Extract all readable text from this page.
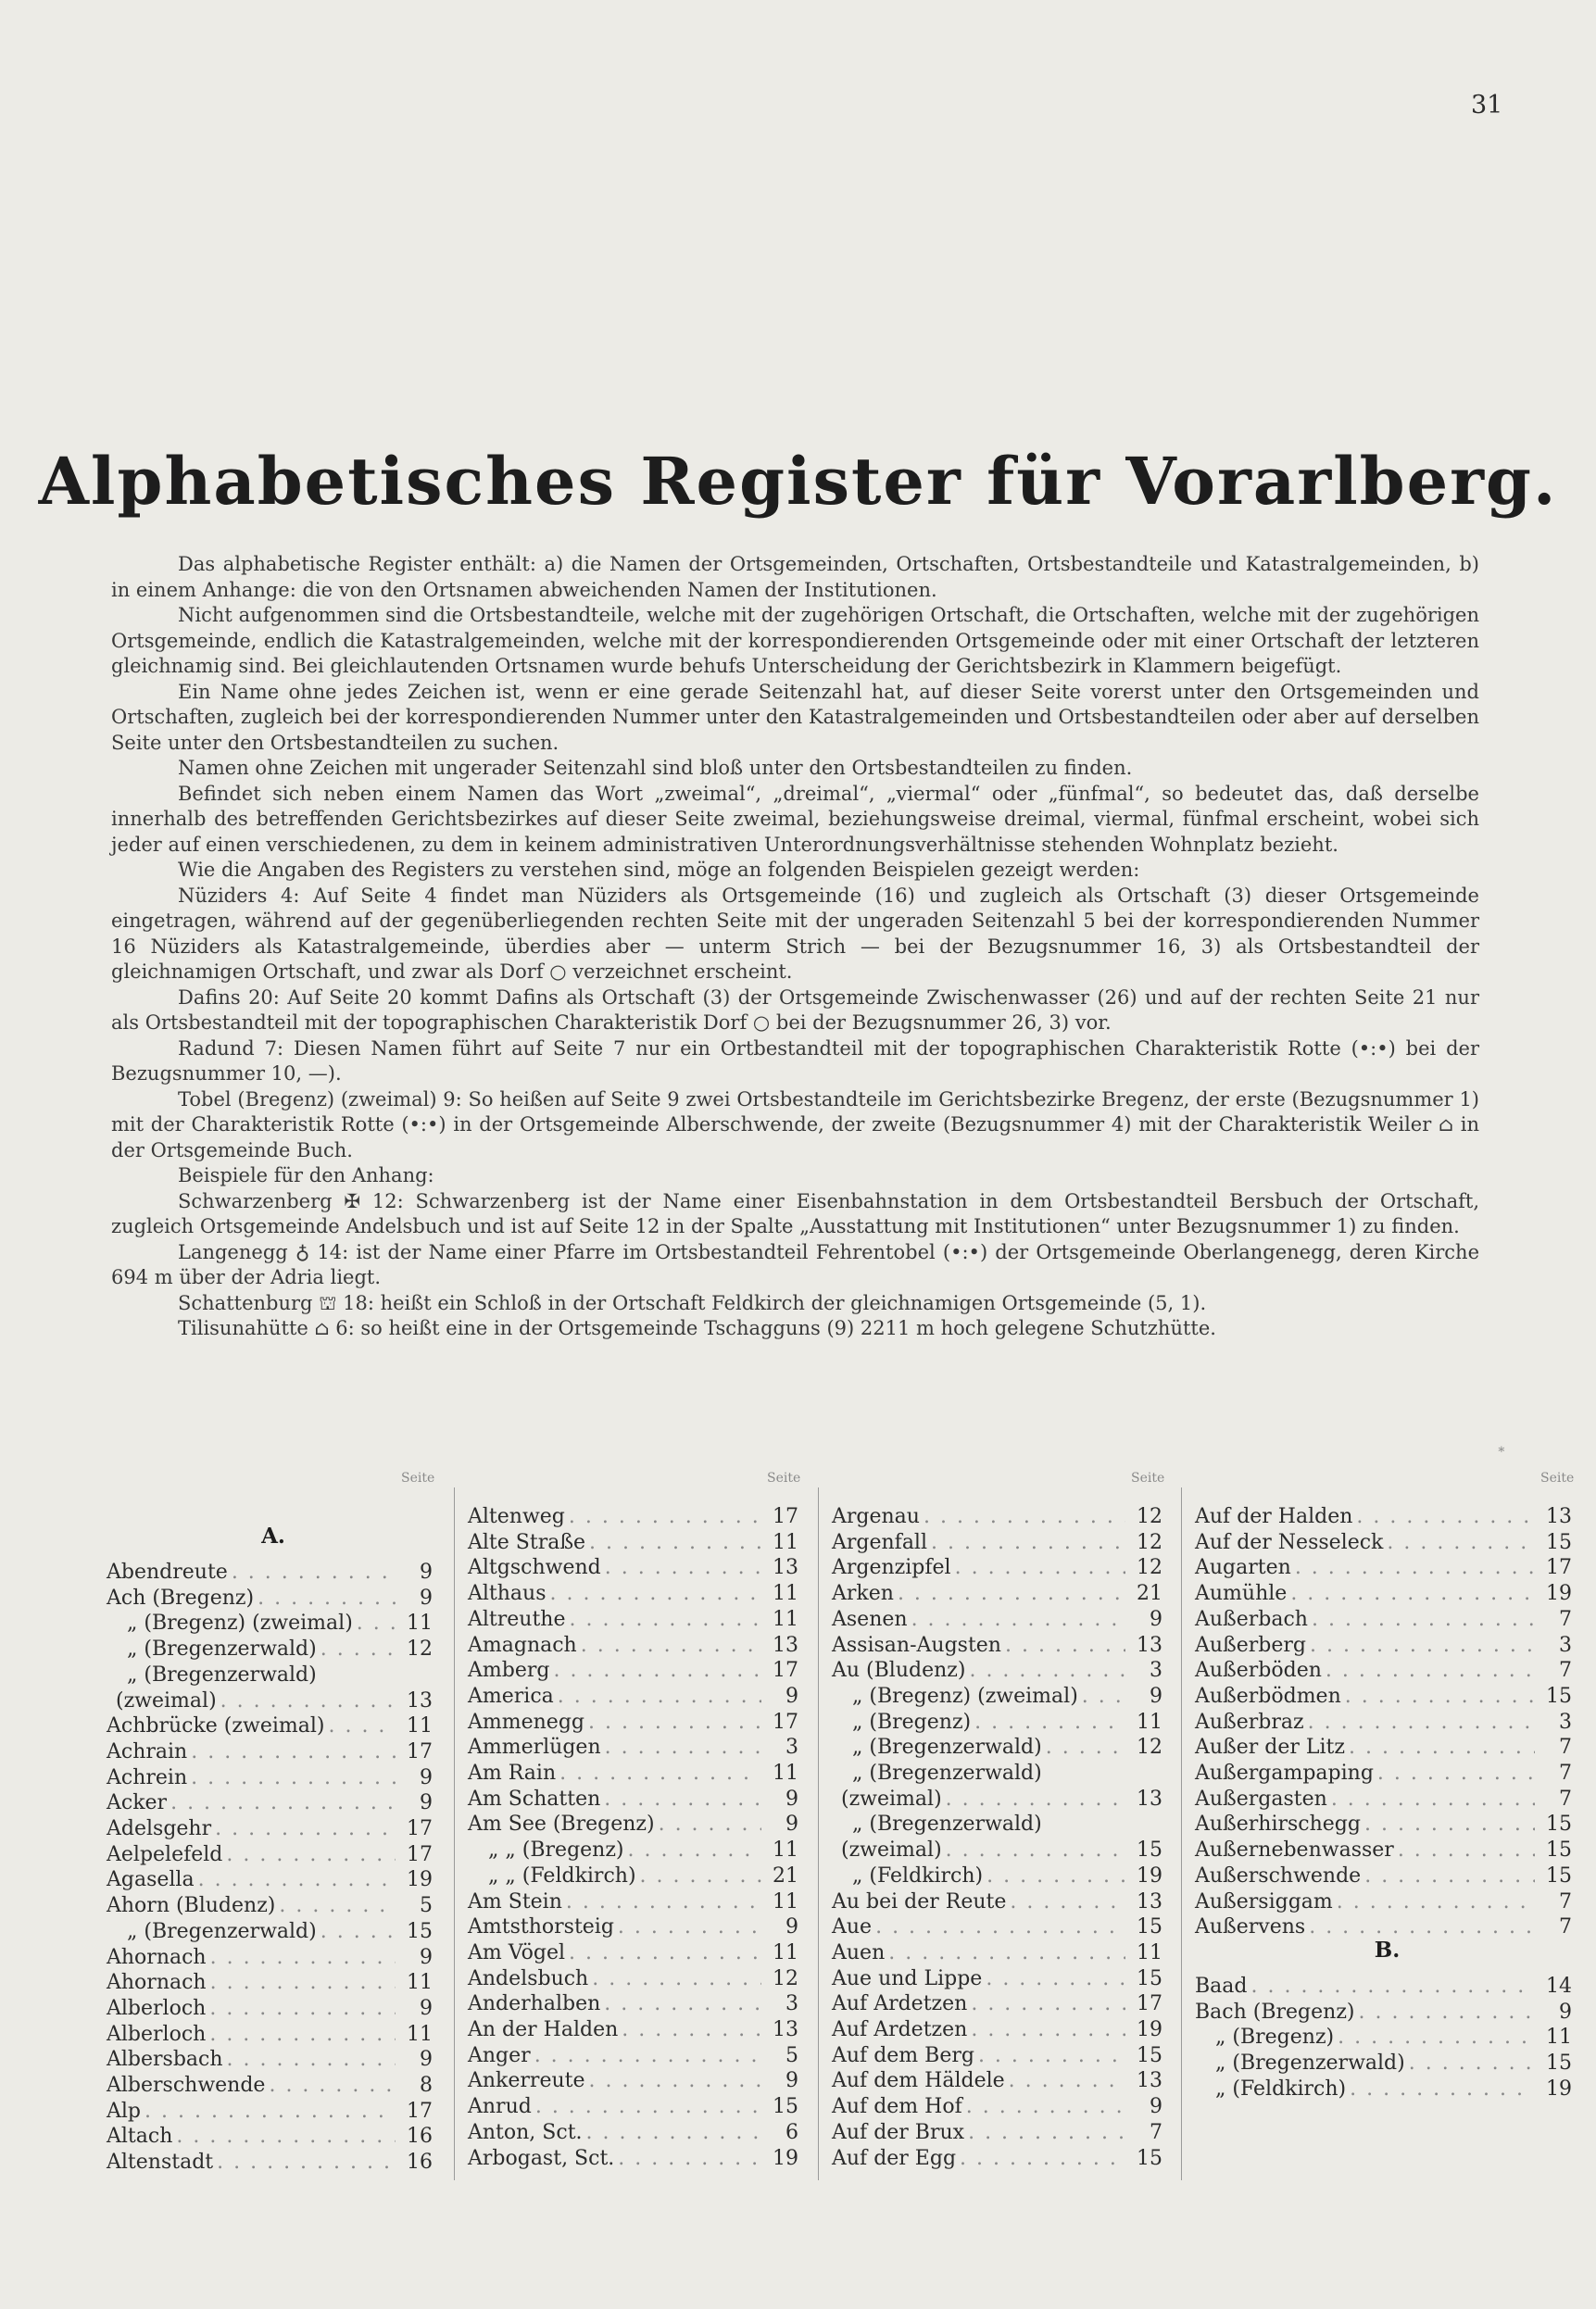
31
Alphabetisches Register für Vorarlberg.

Das alphabetische Register enthält: a) die Namen der Ortsgemeinden, Ortschaften, Ortsbestandteile und Katastralgemeinden, b) in einem Anhange: die von den Ortsnamen abweichenden Namen der Institutionen.

Nicht aufgenommen sind die Ortsbestandteile, welche mit der zugehörigen Ortschaft, die Ortschaften, welche mit der zugehörigen Ortsgemeinde, endlich die Katastralgemeinden, welche mit der korrespondierenden Ortsgemeinde oder mit einer Ortschaft der letzteren gleichnamig sind. Bei gleichlautenden Ortsnamen wurde behufs Unterscheidung der Gerichtsbezirk in Klammern beigefügt.

Ein Name ohne jedes Zeichen ist, wenn er eine gerade Seitenzahl hat, auf dieser Seite vorerst unter den Ortsgemeinden und Ortschaften, zugleich bei der korrespondierenden Nummer unter den Katastralgemeinden und Ortsbestandteilen oder aber auf derselben Seite unter den Ortsbestandteilen zu suchen.

Namen ohne Zeichen mit ungerader Seitenzahl sind bloß unter den Ortsbestandteilen zu finden.

Befindet sich neben einem Namen das Wort „zweimal“, „dreimal“, „viermal“ oder „fünfmal“, so bedeutet das, daß derselbe innerhalb des betreffenden Gerichtsbezirkes auf dieser Seite zweimal, beziehungsweise dreimal, viermal, fünfmal erscheint, wobei sich jeder auf einen verschiedenen, zu dem in keinem administrativen Unterordnungsverhältnisse stehenden Wohnplatz bezieht.

Wie die Angaben des Registers zu verstehen sind, möge an folgenden Beispielen gezeigt werden:

Nüziders 4: Auf Seite 4 findet man Nüziders als Ortsgemeinde (16) und zugleich als Ortschaft (3) dieser Ortsgemeinde eingetragen, während auf der gegenüberliegenden rechten Seite mit der ungeraden Seitenzahl 5 bei der korrespondierenden Nummer 16 Nüziders als Katastralgemeinde, überdies aber — unterm Strich — bei der Bezugsnummer 16, 3) als Ortsbestandteil der gleichnamigen Ortschaft, und zwar als Dorf ○ verzeichnet erscheint.

Dafins 20: Auf Seite 20 kommt Dafins als Ortschaft (3) der Ortsgemeinde Zwischenwasser (26) und auf der rechten Seite 21 nur als Ortsbestandteil mit der topographischen Charakteristik Dorf ○ bei der Bezugsnummer 26, 3) vor.

Radund 7: Diesen Namen führt auf Seite 7 nur ein Ortbestandteil mit der topographischen Charakteristik Rotte (•:•) bei der Bezugsnummer 10, —).

Tobel (Bregenz) (zweimal) 9: So heißen auf Seite 9 zwei Ortsbestandteile im Gerichtsbezirke Bregenz, der erste (Bezugsnummer 1) mit der Charakteristik Rotte (•:•) in der Ortsgemeinde Alberschwende, der zweite (Bezugsnummer 4) mit der Charakteristik Weiler ⌂ in der Ortsgemeinde Buch.

Beispiele für den Anhang:

Schwarzenberg ✠ 12: Schwarzenberg ist der Name einer Eisenbahnstation in dem Ortsbestandteil Bersbuch der Ortschaft, zugleich Ortsgemeinde Andelsbuch und ist auf Seite 12 in der Spalte „Ausstattung mit Institutionen“ unter Bezugsnummer 1) zu finden.

Langenegg ♁ 14: ist der Name einer Pfarre im Ortsbestandteil Fehrentobel (•:•) der Ortsgemeinde Oberlangenegg, deren Kirche 694 m über der Adria liegt.

Schattenburg ⛫ 18: heißt ein Schloß in der Ortschaft Feldkirch der gleichnamigen Ortsgemeinde (5, 1).

Tilisunahütte ⌂ 6: so heißt eine in der Ortsgemeinde Tschagguns (9) 2211 m hoch gelegene Schutzhütte.

∗
Seite
A.
Abendreute . . .	9
Ach (Bregenz) . . .	9
„ (Bregenz) (zweimal) . . .	11
„ (Bregenzerwald) . . .	12
„ (Bregenzerwald)
(zweimal) . . .	13
Achbrücke (zweimal) . . .	11
Achrain . . .	17
Achrein . . .	9
Acker . . .	9
Adelsgehr . . .	17
Aelpelefeld . . .	17
Agasella . . .	19
Ahorn (Bludenz) . . .	5
„ (Bregenzerwald) . . .	15
Ahornach . . .	9
Ahornach . . .	11
Alberloch . . .	9
Alberloch . . .	11
Albersbach . . .	9
Alberschwende . . .	8
Alp . . .	17
Altach . . .	16
Altenstadt . . .	16
Seite
Altenweg . . .	17
Alte Straße . . .	11
Altgschwend . . .	13
Althaus . . .	11
Altreuthe . . .	11
Amagnach . . .	13
Amberg . . .	17
America . . .	9
Ammenegg . . .	17
Ammerlügen . . .	3
Am Rain . . .	11
Am Schatten . . .	9
Am See (Bregenz) . . .	9
„ „ (Bregenz) . . .	11
„ „ (Feldkirch) . . .	21
Am Stein . . .	11
Amtsthorsteig . . .	9
Am Vögel . . .	11
Andelsbuch . . .	12
Anderhalben . . .	3
An der Halden . . .	13
Anger . . .	5
Ankerreute . . .	9
Anrud . . .	15
Anton, Sct. . . .	6
Arbogast, Sct. . . .	19
Seite
Argenau . . .	12
Argenfall . . .	12
Argenzipfel . . .	12
Arken . . .	21
Asenen . . .	9
Assisan-Augsten . . .	13
Au (Bludenz) . . .	3
„ (Bregenz) (zweimal) . . .	9
„ (Bregenz) . . .	11
„ (Bregenzerwald) . . .	12
„ (Bregenzerwald)
(zweimal) . . .	13
„ (Bregenzerwald)
(zweimal) . . .	15
„ (Feldkirch) . . .	19
Au bei der Reute . . .	13
Aue . . .	15
Auen . . .	11
Aue und Lippe . . .	15
Auf Ardetzen . . .	17
Auf Ardetzen . . .	19
Auf dem Berg . . .	15
Auf dem Häldele . . .	13
Auf dem Hof . . .	9
Auf der Brux . . .	7
Auf der Egg . . .	15
Seite
Auf der Halden . . .	13
Auf der Nesseleck . . .	15
Augarten . . .	17
Aumühle . . .	19
Außerbach . . .	7
Außerberg . . .	3
Außerböden . . .	7
Außerbödmen . . .	15
Außerbraz . . .	3
Außer der Litz . . .	7
Außergampaping . . .	7
Außergasten . . .	7
Außerhirschegg . . .	15
Außernebenwasser . . .	15
Außerschwende . . .	15
Außersiggam . . .	7
Außervens . . .	7
B.
Baad . . .	14
Bach (Bregenz) . . .	9
„ (Bregenz) . . .	11
„ (Bregenzerwald) . . .	15
„ (Feldkirch) . . .	19
